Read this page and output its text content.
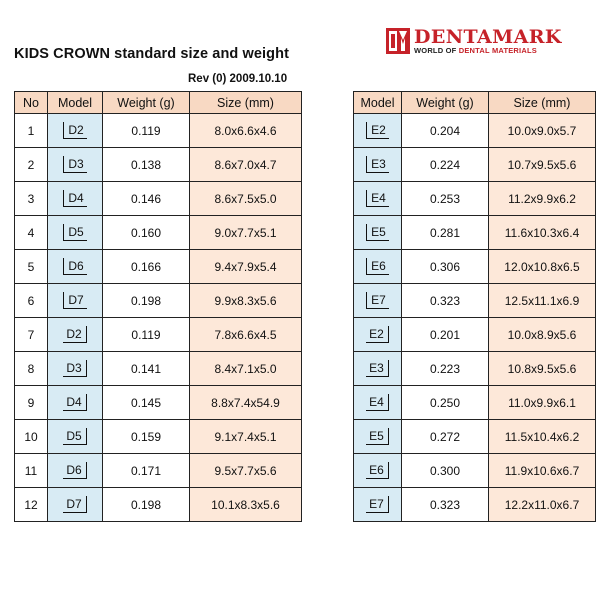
DENTAMARK
WORLD OF DENTAL MATERIALS
KIDS CROWN standard size and weight
Rev (0) 2009.10.10
No	Model	Weight (g)	Size (mm)
1	D2	0.119	8.0x6.6x4.6
2	D3	0.138	8.6x7.0x4.7
3	D4	0.146	8.6x7.5x5.0
4	D5	0.160	9.0x7.7x5.1
5	D6	0.166	9.4x7.9x5.4
6	D7	0.198	9.9x8.3x5.6
7	D2	0.119	7.8x6.6x4.5
8	D3	0.141	8.4x7.1x5.0
9	D4	0.145	8.8x7.4x54.9
10	D5	0.159	9.1x7.4x5.1
11	D6	0.171	9.5x7.7x5.6
12	D7	0.198	10.1x8.3x5.6
Model	Weight (g)	Size (mm)
E2	0.204	10.0x9.0x5.7
E3	0.224	10.7x9.5x5.6
E4	0.253	11.2x9.9x6.2
E5	0.281	11.6x10.3x6.4
E6	0.306	12.0x10.8x6.5
E7	0.323	12.5x11.1x6.9
E2	0.201	10.0x8.9x5.6
E3	0.223	10.8x9.5x5.6
E4	0.250	11.0x9.9x6.1
E5	0.272	11.5x10.4x6.2
E6	0.300	11.9x10.6x6.7
E7	0.323	12.2x11.0x6.7
